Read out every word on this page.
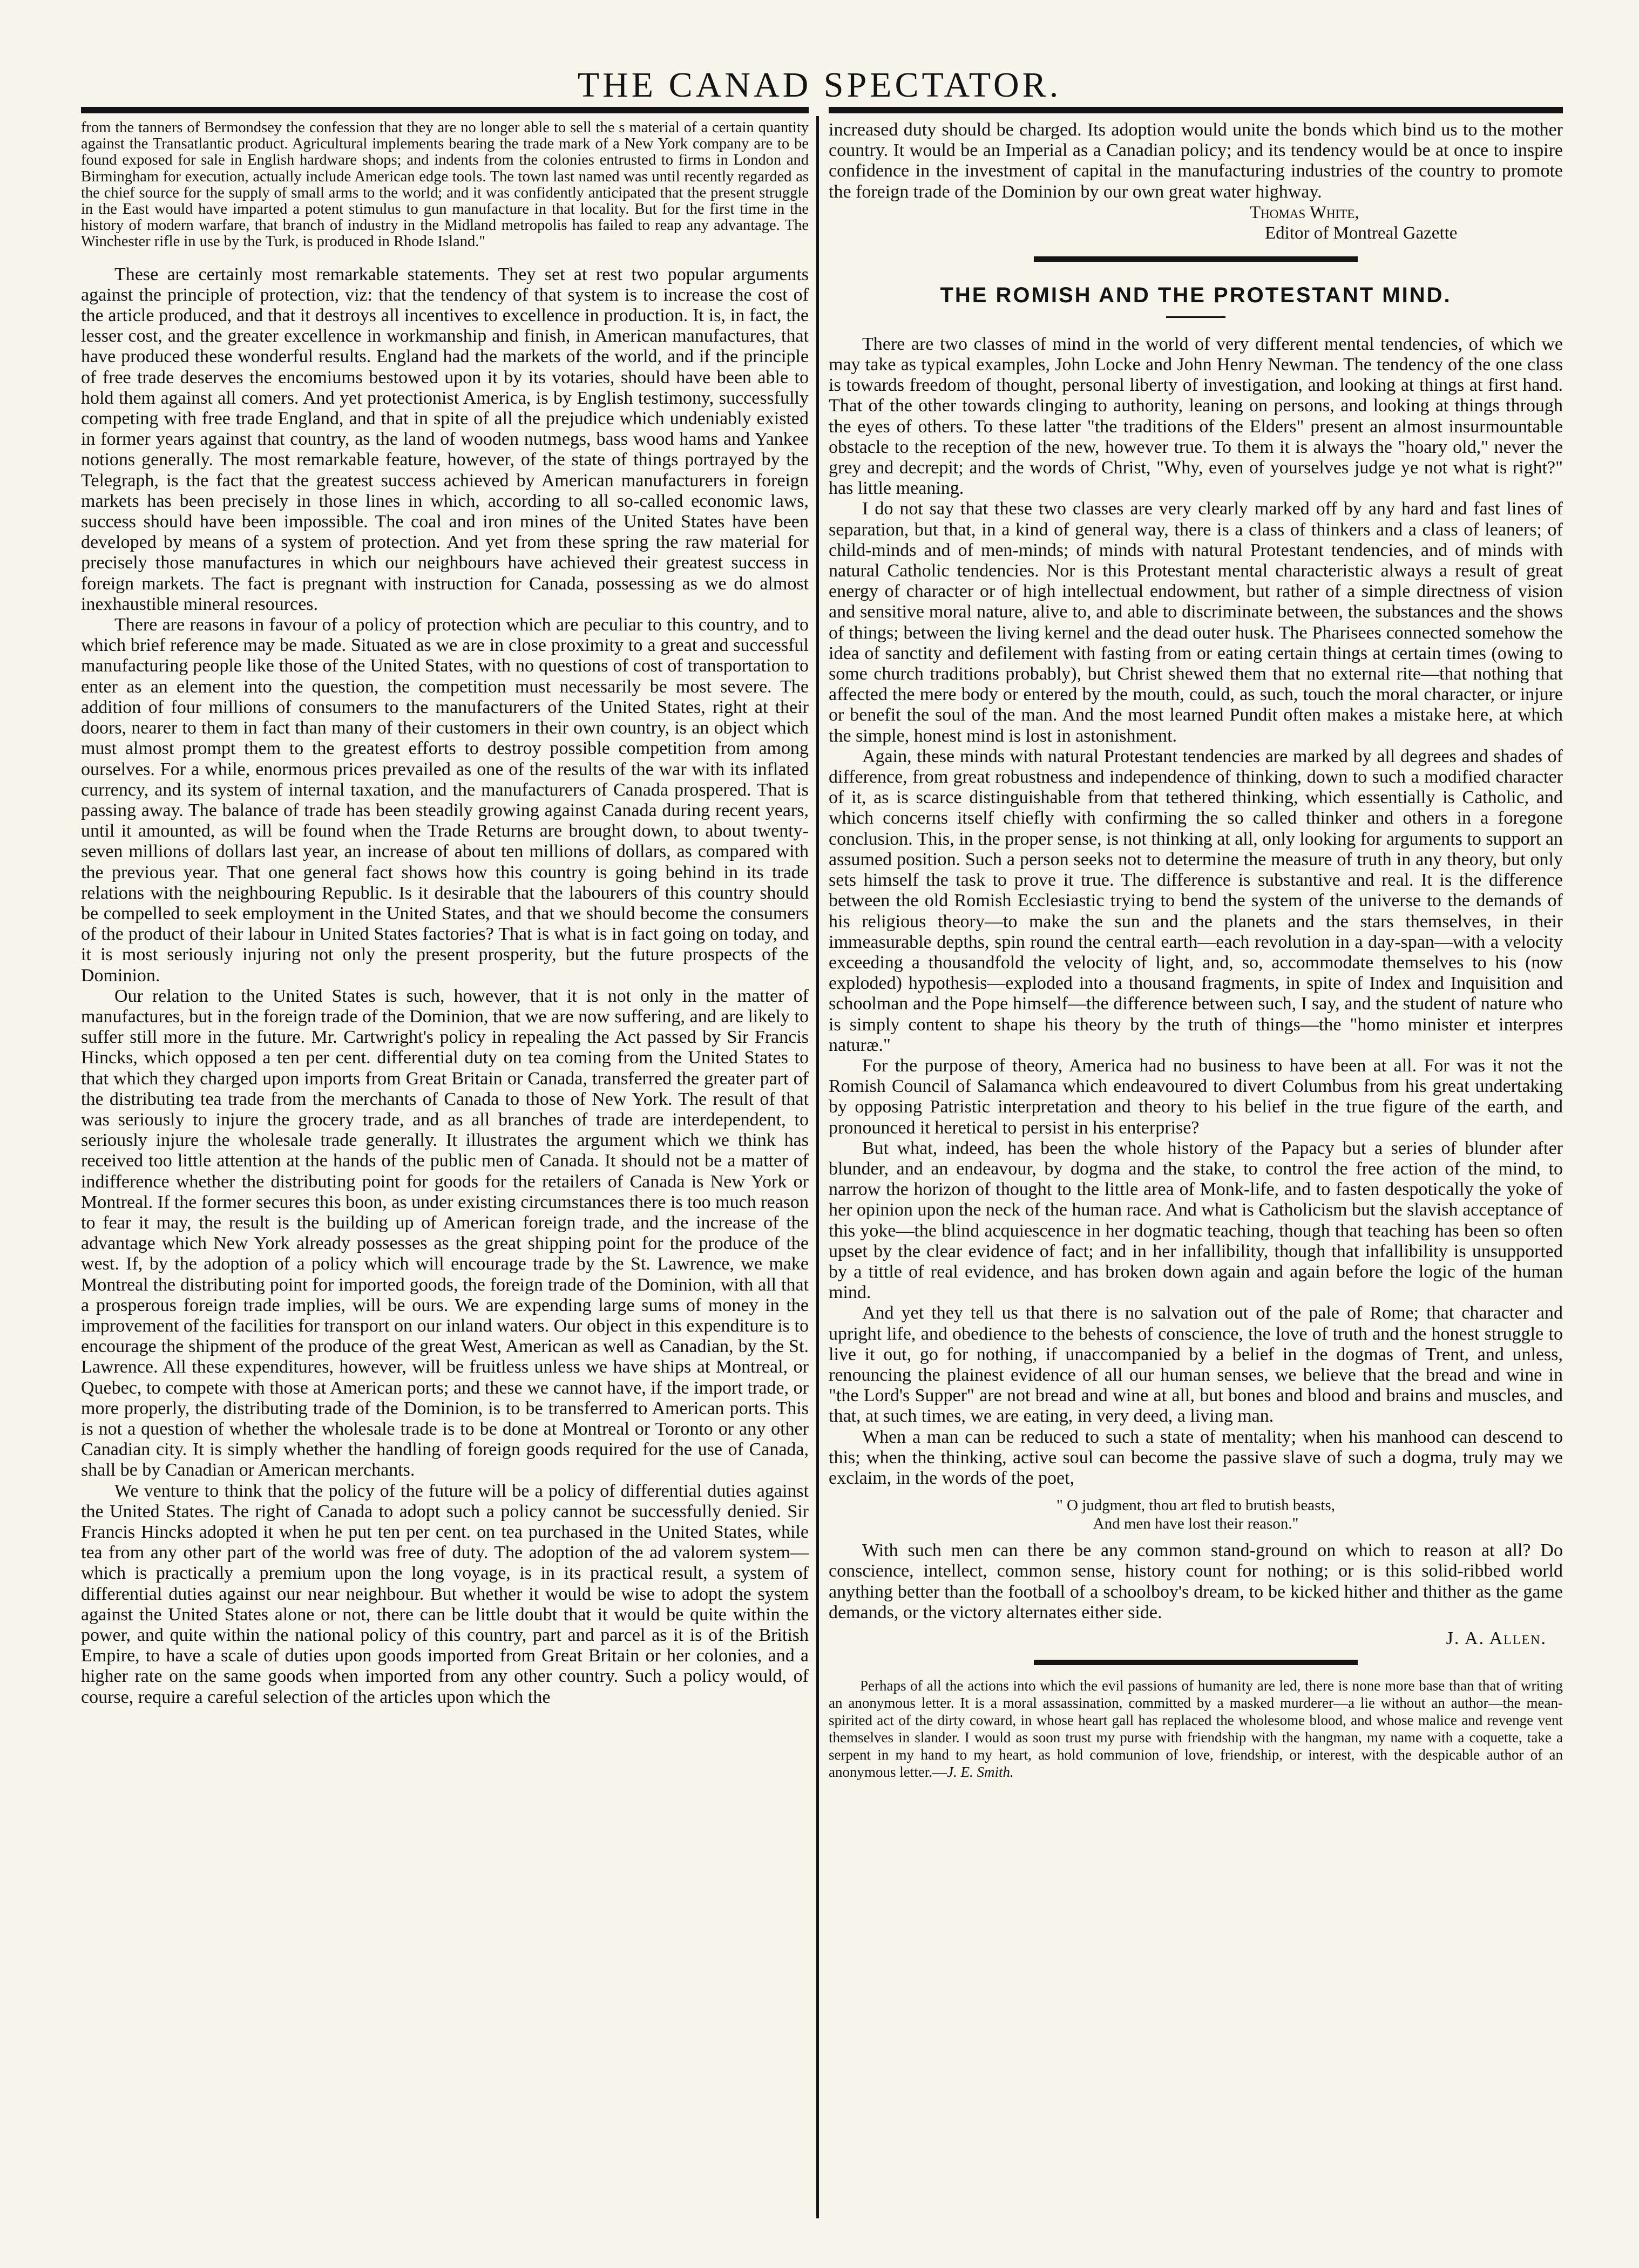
THE CANAD SPECTATOR.

from the tanners of Bermondsey the confession that they are no longer able to sell the s material of a certain quantity against the Transatlantic product. Agricultural implements bearing the trade mark of a New York company are to be found exposed for sale in English hardware shops; and indents from the colonies entrusted to firms in London and Birmingham for execution, actually include American edge tools. The town last named was until recently regarded as the chief source for the supply of small arms to the world; and it was confidently anticipated that the present struggle in the East would have imparted a potent stimulus to gun manufacture in that locality. But for the first time in the history of modern warfare, that branch of industry in the Midland metropolis has failed to reap any advantage. The Winchester rifle in use by the Turk, is produced in Rhode Island."

These are certainly most remarkable statements. They set at rest two popular arguments against the principle of protection, viz: that the tendency of that system is to increase the cost of the article produced, and that it destroys all incentives to excellence in production. It is, in fact, the lesser cost, and the greater excellence in workmanship and finish, in American manufactures, that have produced these wonderful results. England had the markets of the world, and if the principle of free trade deserves the encomiums bestowed upon it by its votaries, should have been able to hold them against all comers. And yet protectionist America, is by English testimony, successfully competing with free trade England, and that in spite of all the prejudice which undeniably existed in former years against that country, as the land of wooden nutmegs, bass wood hams and Yankee notions generally. The most remarkable feature, however, of the state of things portrayed by the Telegraph, is the fact that the greatest success achieved by American manufacturers in foreign markets has been precisely in those lines in which, according to all so-called economic laws, success should have been impossible. The coal and iron mines of the United States have been developed by means of a system of protection. And yet from these spring the raw material for precisely those manufactures in which our neighbours have achieved their greatest success in foreign markets. The fact is pregnant with instruction for Canada, possessing as we do almost inexhaustible mineral resources.

There are reasons in favour of a policy of protection which are peculiar to this country, and to which brief reference may be made. Situated as we are in close proximity to a great and successful manufacturing people like those of the United States, with no questions of cost of transportation to enter as an element into the question, the competition must necessarily be most severe. The addition of four millions of consumers to the manufacturers of the United States, right at their doors, nearer to them in fact than many of their customers in their own country, is an object which must almost prompt them to the greatest efforts to destroy possible competition from among ourselves. For a while, enormous prices prevailed as one of the results of the war with its inflated currency, and its system of internal taxation, and the manufacturers of Canada prospered. That is passing away. The balance of trade has been steadily growing against Canada during recent years, until it amounted, as will be found when the Trade Returns are brought down, to about twenty-seven millions of dollars last year, an increase of about ten millions of dollars, as compared with the previous year. That one general fact shows how this country is going behind in its trade relations with the neighbouring Republic. Is it desirable that the labourers of this country should be compelled to seek employment in the United States, and that we should become the consumers of the product of their labour in United States factories? That is what is in fact going on today, and it is most seriously injuring not only the present prosperity, but the future prospects of the Dominion.

Our relation to the United States is such, however, that it is not only in the matter of manufactures, but in the foreign trade of the Dominion, that we are now suffering, and are likely to suffer still more in the future. Mr. Cartwright's policy in repealing the Act passed by Sir Francis Hincks, which opposed a ten per cent. differential duty on tea coming from the United States to that which they charged upon imports from Great Britain or Canada, transferred the greater part of the distributing tea trade from the merchants of Canada to those of New York. The result of that was seriously to injure the grocery trade, and as all branches of trade are interdependent, to seriously injure the wholesale trade generally. It illustrates the argument which we think has received too little attention at the hands of the public men of Canada. It should not be a matter of indifference whether the distributing point for goods for the retailers of Canada is New York or Montreal. If the former secures this boon, as under existing circumstances there is too much reason to fear it may, the result is the building up of American foreign trade, and the increase of the advantage which New York already possesses as the great shipping point for the produce of the west. If, by the adoption of a policy which will encourage trade by the St. Lawrence, we make Montreal the distributing point for imported goods, the foreign trade of the Dominion, with all that a prosperous foreign trade implies, will be ours. We are expending large sums of money in the improvement of the facilities for transport on our inland waters. Our object in this expenditure is to encourage the shipment of the produce of the great West, American as well as Canadian, by the St. Lawrence. All these expenditures, however, will be fruitless unless we have ships at Montreal, or Quebec, to compete with those at American ports; and these we cannot have, if the import trade, or more properly, the distributing trade of the Dominion, is to be transferred to American ports. This is not a question of whether the wholesale trade is to be done at Montreal or Toronto or any other Canadian city. It is simply whether the handling of foreign goods required for the use of Canada, shall be by Canadian or American merchants.

We venture to think that the policy of the future will be a policy of differential duties against the United States. The right of Canada to adopt such a policy cannot be successfully denied. Sir Francis Hincks adopted it when he put ten per cent. on tea purchased in the United States, while tea from any other part of the world was free of duty. The adoption of the ad valorem system—which is practically a premium upon the long voyage, is in its practical result, a system of differential duties against our near neighbour. But whether it would be wise to adopt the system against the United States alone or not, there can be little doubt that it would be quite within the power, and quite within the national policy of this country, part and parcel as it is of the British Empire, to have a scale of duties upon goods imported from Great Britain or her colonies, and a higher rate on the same goods when imported from any other country. Such a policy would, of course, require a careful selection of the articles upon which the

increased duty should be charged. Its adoption would unite the bonds which bind us to the mother country. It would be an Imperial as a Canadian policy; and its tendency would be at once to inspire confidence in the investment of capital in the manufacturing industries of the country to promote the foreign trade of the Dominion by our own great water highway.

Thomas White,
Editor of Montreal Gazette
THE ROMISH AND THE PROTESTANT MIND.

There are two classes of mind in the world of very different mental tendencies, of which we may take as typical examples, John Locke and John Henry Newman. The tendency of the one class is towards freedom of thought, personal liberty of investigation, and looking at things at first hand. That of the other towards clinging to authority, leaning on persons, and looking at things through the eyes of others. To these latter "the traditions of the Elders" present an almost insurmountable obstacle to the reception of the new, however true. To them it is always the "hoary old," never the grey and decrepit; and the words of Christ, "Why, even of yourselves judge ye not what is right?" has little meaning.

I do not say that these two classes are very clearly marked off by any hard and fast lines of separation, but that, in a kind of general way, there is a class of thinkers and a class of leaners; of child-minds and of men-minds; of minds with natural Protestant tendencies, and of minds with natural Catholic tendencies. Nor is this Protestant mental characteristic always a result of great energy of character or of high intellectual endowment, but rather of a simple directness of vision and sensitive moral nature, alive to, and able to discriminate between, the substances and the shows of things; between the living kernel and the dead outer husk. The Pharisees connected somehow the idea of sanctity and defilement with fasting from or eating certain things at certain times (owing to some church traditions probably), but Christ shewed them that no external rite—that nothing that affected the mere body or entered by the mouth, could, as such, touch the moral character, or injure or benefit the soul of the man. And the most learned Pundit often makes a mistake here, at which the simple, honest mind is lost in astonishment.

Again, these minds with natural Protestant tendencies are marked by all degrees and shades of difference, from great robustness and independence of thinking, down to such a modified character of it, as is scarce distinguishable from that tethered thinking, which essentially is Catholic, and which concerns itself chiefly with confirming the so called thinker and others in a foregone conclusion. This, in the proper sense, is not thinking at all, only looking for arguments to support an assumed position. Such a person seeks not to determine the measure of truth in any theory, but only sets himself the task to prove it true. The difference is substantive and real. It is the difference between the old Romish Ecclesiastic trying to bend the system of the universe to the demands of his religious theory—to make the sun and the planets and the stars themselves, in their immeasurable depths, spin round the central earth—each revolution in a day-span—with a velocity exceeding a thousandfold the velocity of light, and, so, accommodate themselves to his (now exploded) hypothesis—exploded into a thousand fragments, in spite of Index and Inquisition and schoolman and the Pope himself—the difference between such, I say, and the student of nature who is simply content to shape his theory by the truth of things—the "homo minister et interpres naturæ."

For the purpose of theory, America had no business to have been at all. For was it not the Romish Council of Salamanca which endeavoured to divert Columbus from his great undertaking by opposing Patristic interpretation and theory to his belief in the true figure of the earth, and pronounced it heretical to persist in his enterprise?

But what, indeed, has been the whole history of the Papacy but a series of blunder after blunder, and an endeavour, by dogma and the stake, to control the free action of the mind, to narrow the horizon of thought to the little area of Monk-life, and to fasten despotically the yoke of her opinion upon the neck of the human race. And what is Catholicism but the slavish acceptance of this yoke—the blind acquiescence in her dogmatic teaching, though that teaching has been so often upset by the clear evidence of fact; and in her infallibility, though that infallibility is unsupported by a tittle of real evidence, and has broken down again and again before the logic of the human mind.

And yet they tell us that there is no salvation out of the pale of Rome; that character and upright life, and obedience to the behests of conscience, the love of truth and the honest struggle to live it out, go for nothing, if unaccompanied by a belief in the dogmas of Trent, and unless, renouncing the plainest evidence of all our human senses, we believe that the bread and wine in "the Lord's Supper" are not bread and wine at all, but bones and blood and brains and muscles, and that, at such times, we are eating, in very deed, a living man.

When a man can be reduced to such a state of mentality; when his manhood can descend to this; when the thinking, active soul can become the passive slave of such a dogma, truly may we exclaim, in the words of the poet,

" O judgment, thou art fled to brutish beasts,

And men have lost their reason."

With such men can there be any common stand-ground on which to reason at all? Do conscience, intellect, common sense, history count for nothing; or is this solid-ribbed world anything better than the football of a schoolboy's dream, to be kicked hither and thither as the game demands, or the victory alternates either side.

J. A. Allen.

Perhaps of all the actions into which the evil passions of humanity are led, there is none more base than that of writing an anonymous letter. It is a moral assassination, committed by a masked murderer—a lie without an author—the mean-spirited act of the dirty coward, in whose heart gall has replaced the wholesome blood, and whose malice and revenge vent themselves in slander. I would as soon trust my purse with friendship with the hangman, my name with a coquette, take a serpent in my hand to my heart, as hold communion of love, friendship, or interest, with the despicable author of an anonymous letter.—J. E. Smith.
